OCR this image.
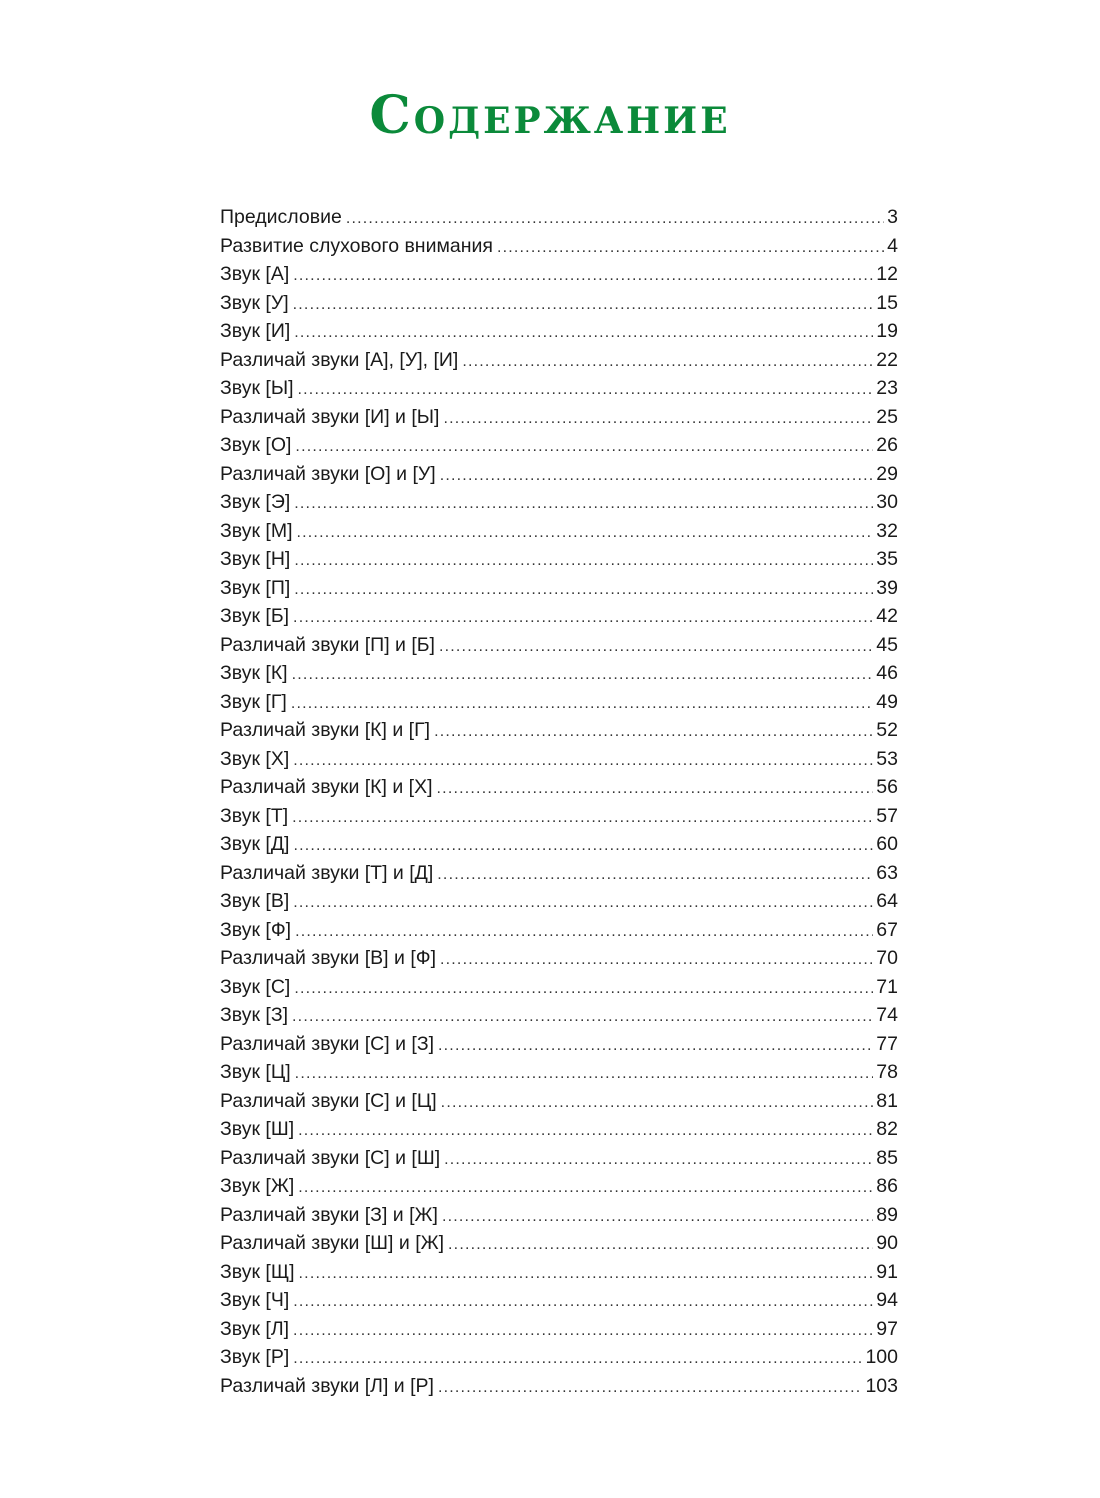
Содержание
Предисловие .....	3
Развитие слухового внимания .....	4
Звук [А] .....	12
Звук [У] .....	15
Звук [И] .....	19
Различай звуки [А], [У], [И] .....	22
Звук [Ы] .....	23
Различай звуки [И] и [Ы] .....	25
Звук [О] .....	26
Различай звуки [О] и [У] .....	29
Звук [Э] .....	30
Звук [М] .....	32
Звук [Н] .....	35
Звук [П] .....	39
Звук [Б] .....	42
Различай звуки [П] и [Б] .....	45
Звук [К] .....	46
Звук [Г] .....	49
Различай звуки [К] и [Г] .....	52
Звук [Х] .....	53
Различай звуки [К] и [Х] .....	56
Звук [Т] .....	57
Звук [Д] .....	60
Различай звуки [Т] и [Д] .....	63
Звук [В] .....	64
Звук [Ф] .....	67
Различай звуки [В] и [Ф] .....	70
Звук [С] .....	71
Звук [З] .....	74
Различай звуки [С] и [З] .....	77
Звук [Ц] .....	78
Различай звуки [С] и [Ц] .....	81
Звук [Ш] .....	82
Различай звуки [С] и [Ш] .....	85
Звук [Ж] .....	86
Различай звуки [З] и [Ж] .....	89
Различай звуки [Ш] и [Ж] .....	90
Звук [Щ] .....	91
Звук [Ч] .....	94
Звук [Л] .....	97
Звук [Р] .....	100
Различай звуки [Л] и [Р] .....	103
